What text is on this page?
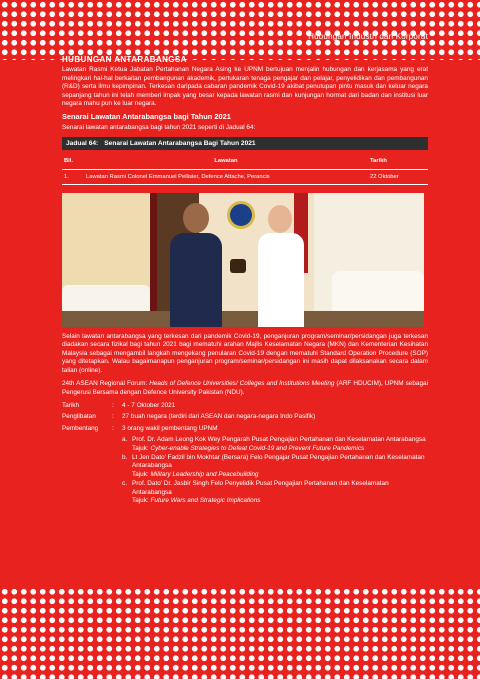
Hubungan Industri dan Korporat
HUBUNGAN ANTARABANGSA

Lawatan Rasmi Ketua Jabatan Pertahanan Negara Asing ke UPNM bertujuan menjalin hubungan dan kerjasama yang erat melingkari hal-hal berkaitan pembangunan akademik, pertukaran tenaga pengajar dan pelajar, penyelidikan dan pembangunan (R&D) serta ilmu kepimpinan. Terkesan daripada cabaran pandemik Covid-19 akibat penutupan pintu masuk dan keluar negara sepanjang tahun ini telah memberi impak yang besar kepada lawatan rasmi dan kunjungan hormat dari badan dan institusi luar negara mahu pun ke luar negara.

Senarai Lawatan Antarabangsa bagi Tahun 2021

Senarai lawatan antarabangsa bagi tahun 2021 seperti di Jadual 64:

Jadual 64: Senarai Lawatan Antarabangsa Bagi Tahun 2021
Bil.	Lawatan	Tarikh
1.	Lawatan Rasmi Colonel Emmanuel Pellisier, Defence Attache, Perancis	22 Oktober

Selain lawatan antarabangsa yang terkesan dari pandemik Covid-19, penganjuran program/seminar/persidangan juga terkesan diadakan secara fizikal bagi tahun 2021 bagi mematuhi arahan Majlis Keselamatan Negara (MKN) dan Kementerian Kesihatan Malaysia sebagai mengambil langkah mengekang penularan Covid-19 dengan mematuhi Standard Operation Procedure (SOP) yang ditetapkan. Walau bagaimanapun penganjuran program/seminar/persidangan ini masih dapat dilaksanakan secara dalam talian (online).

24th ASEAN Regional Forum: Heads of Defence Universities/ Colleges and Institutions Meeting (ARF HDUCIM), UPNM sebagai Pengerusi Bersama dengan Defence University Pakistan (NDU).

Tarikh	:	4 - 7 Oktober 2021
Penglibatan	:	27 buah negara (terdiri dari ASEAN dan negara-negara Indo Pasifik)
Pembentang	:	3 orang wakil pembentang UPNM
a. Prof. Dr. Adam Leong Kok Wey Pengarah Pusat Pengajian Pertahanan dan Keselamatan Antarabangsa
Tajuk: Cyber-enable Strategies to Defeat Covid-19 and Prevent Future Pandemics
b. Lt Jen Dato' Fadzil bin Mokhtar (Bersara) Felo Pengajar Pusat Pengajian Pertahanan dan Keselamatan Antarabangsa
Tajuk: Military Leadership and Peacebuilding
c. Prof. Dato' Dr. Jasbir Singh Felo Penyelidik Pusat Pengajian Pertahanan dan Keselamatan Antarabangsa
Tajuk: Future Wars and Strategic Implications
